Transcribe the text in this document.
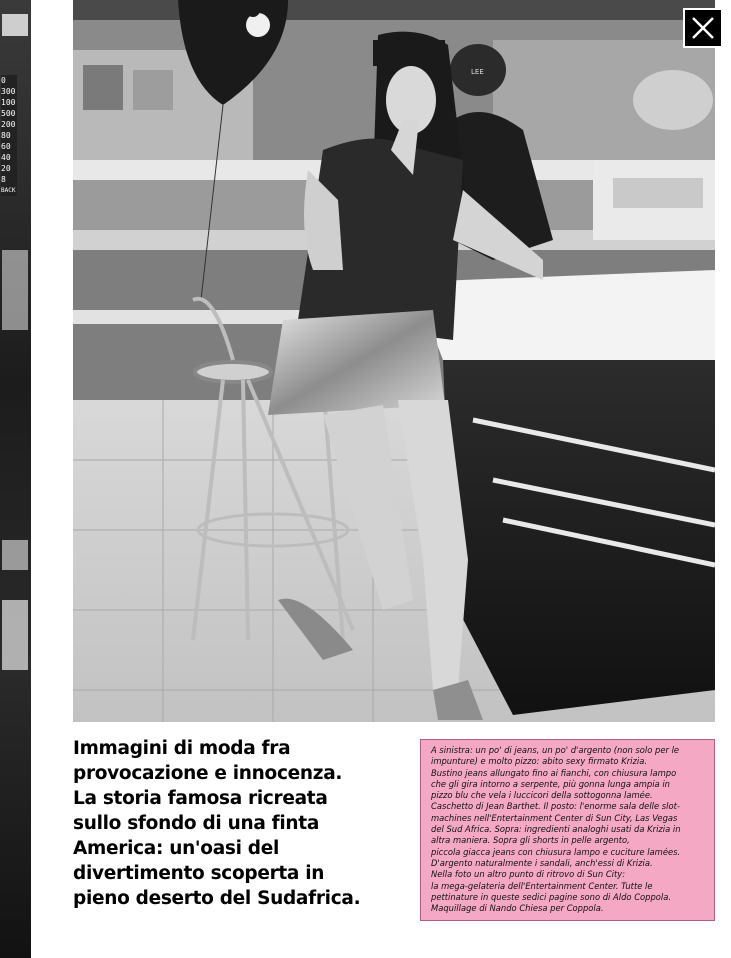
0
300
100
500
200
80
60
40
20
8
BACK
LEE
Immagini di moda fra
provocazione e innocenza.
La storia famosa ricreata
sullo sfondo di una finta
America: un'oasi del
divertimento scoperta in
pieno deserto del Sudafrica.
A sinistra: un po' di jeans, un po' d'argento (non solo per le
impunture) e molto pizzo: abito sexy firmato Krizia.
Bustino jeans allungato fino ai fianchi, con chiusura lampo
che gli gira intorno a serpente, più gonna lunga ampia in
pizzo blu che vela i luccicori della sottogonna lamée.
Caschetto di Jean Barthet. Il posto: l'enorme sala delle slot-
machines nell'Entertainment Center di Sun City, Las Vegas
del Sud Africa. Sopra: ingredienti analoghi usati da Krizia in
altra maniera. Sopra gli shorts in pelle argento,
piccola giacca jeans con chiusura lampo e cuciture lamées.
D'argento naturalmente i sandali, anch'essi di Krizia.
Nella foto un altro punto di ritrovo di Sun City:
la mega-gelateria dell'Entertainment Center. Tutte le
pettinature in queste sedici pagine sono di Aldo Coppola.
Maquillage di Nando Chiesa per Coppola.
